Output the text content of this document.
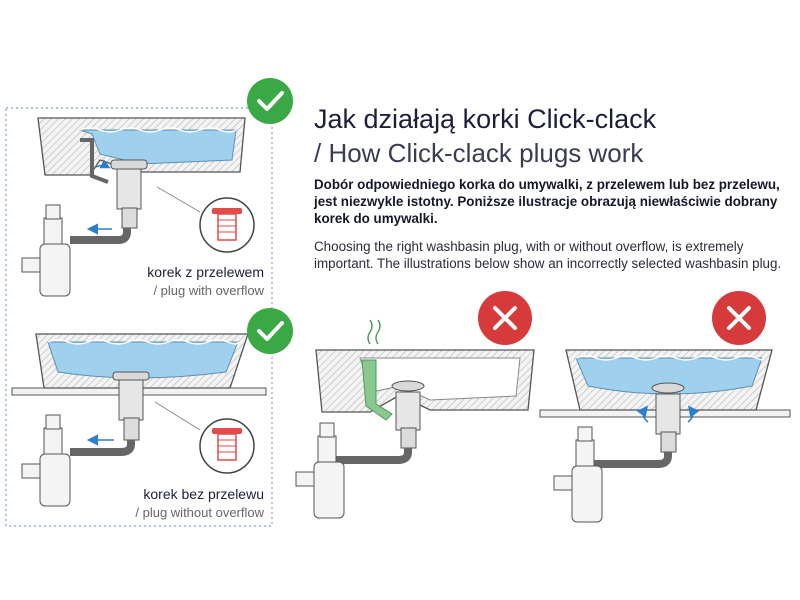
Jak działają korki Click-clack
/ How Click-clack plugs work
Dobór odpowiedniego korka do umywalki, z przelewem lub bez przelewu, jest niezwykle istotny. Poniższe ilustracje obrazują niewłaściwie dobrany korek do umywalki.
Choosing the right washbasin plug, with or without overflow, is extremely important. The illustrations below show an incorrectly selected washbasin plug.
korek z przelewem
/ plug with overflow
korek bez przelewu
/ plug without overflow
